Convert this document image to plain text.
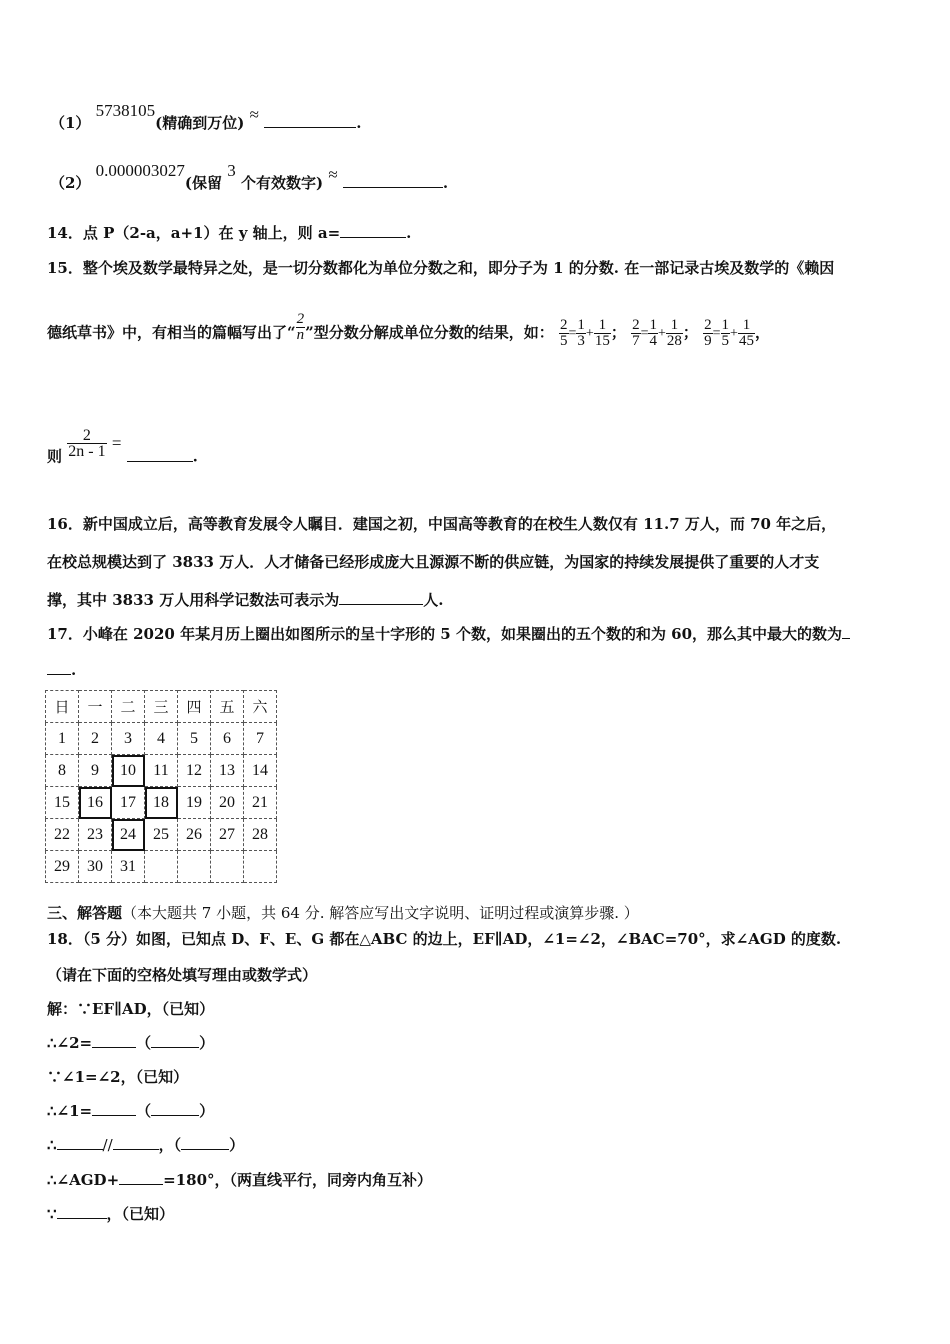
（1） 5738105(精确到万位) ≈	.
（2） 0.000003027(保留 3 个有效数字) ≈	.
14．点 P（2-a，a+1）在 y 轴上，则 a=	.
15．整个埃及数学最特异之处，是一切分数都化为单位分数之和，即分子为 1 的分数. 在一部记录古埃及数学的《赖因
德纸草书》中，有相当的篇幅写出了“ $\frac{2}{n}$ ”型分数分解成单位分数的结果，如： $\frac{2}{5} = \frac{1}{3} + \frac{1}{15}$ ； $\frac{2}{7} = \frac{1}{4} + \frac{1}{28}$ ； $\frac{2}{9} = \frac{1}{5} + \frac{1}{45}$ ，
则 $\frac{2}{2n - 1}$ = .
16．新中国成立后，高等教育发展令人瞩目．建国之初，中国高等教育的在校生人数仅有 11.7 万人，而 70 年之后，
在校总规模达到了 3833 万人．人才储备已经形成庞大且源源不断的供应链，为国家的持续发展提供了重要的人才支
撑，其中 3833 万人用科学记数法可表示为	人.
17．小峰在 2020 年某月历上圈出如图所示的呈十字形的 5 个数，如果圈出的五个数的和为 60，那么其中最大的数为
.
日	一	二	三	四	五	六
1	2	3	4	5	6	7
8	9	10	11	12	13	14
15	16	17	18	19	20	21
22	23	24	25	26	27	28
29	30	31				
三、解答题（本大题共 7 小题，共 64 分. 解答应写出文字说明、证明过程或演算步骤. ）
18．（5 分）如图，已知点 D、F、E、G 都在△ABC 的边上，EF∥AD，∠1=∠2，∠BAC=70°，求∠AGD 的度数.
（请在下面的空格处填写理由或数学式）
解：∵EF∥AD，（已知）
∴∠2=	（	）
∵∠1=∠2，（已知）
∴∠1=	（	）
∴	//	，（	）
∴∠AGD+	=180°，（两直线平行，同旁内角互补）
∵	，（已知）
